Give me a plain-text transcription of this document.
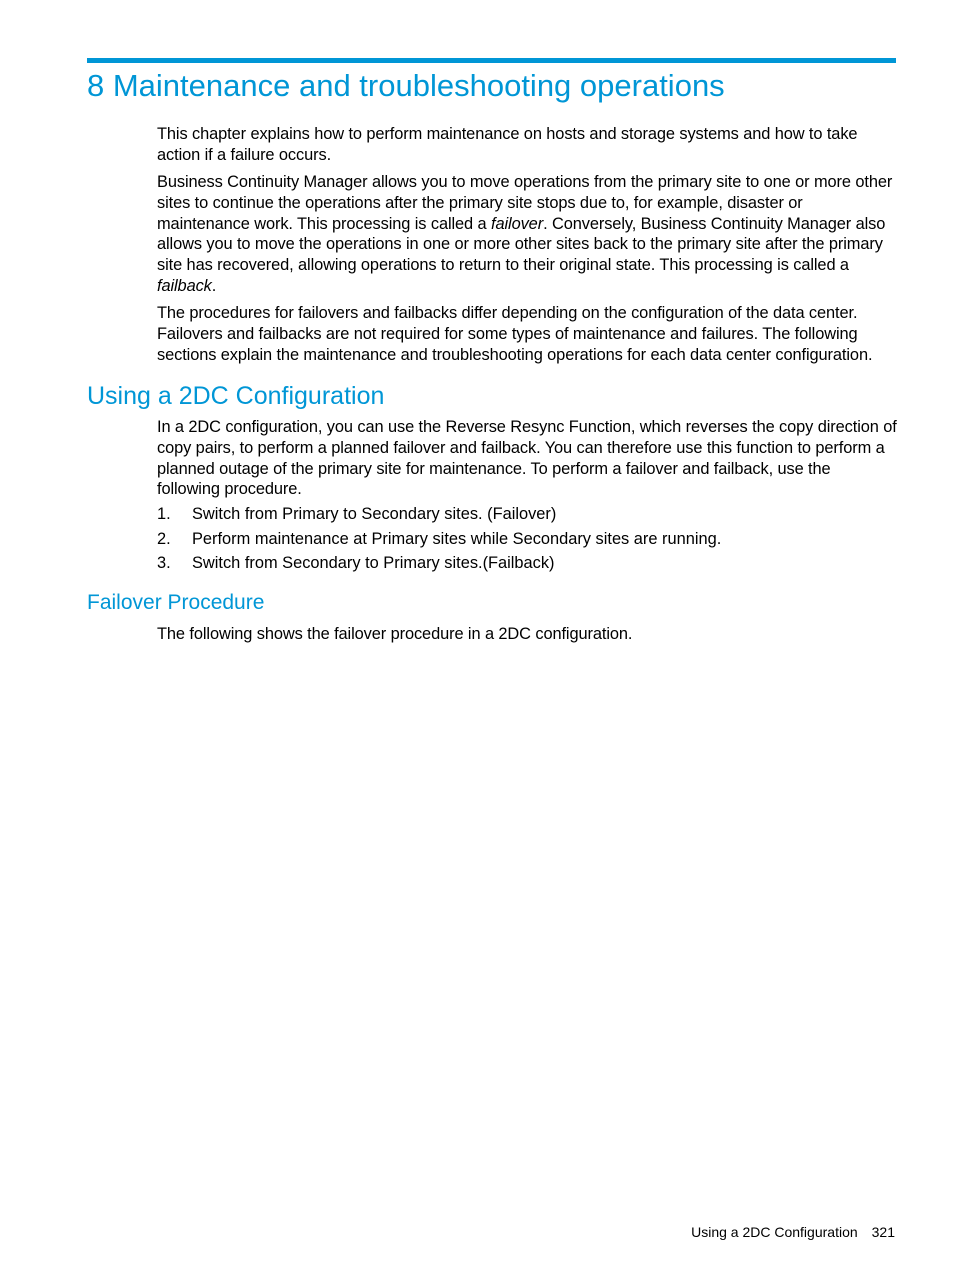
8 Maintenance and troubleshooting operations

This chapter explains how to perform maintenance on hosts and storage systems and how to take action if a failure occurs.

Business Continuity Manager allows you to move operations from the primary site to one or more other sites to continue the operations after the primary site stops due to, for example, disaster or maintenance work. This processing is called a failover. Conversely, Business Continuity Manager also allows you to move the operations in one or more other sites back to the primary site after the primary site has recovered, allowing operations to return to their original state. This processing is called a failback.

The procedures for failovers and failbacks differ depending on the configuration of the data center. Failovers and failbacks are not required for some types of maintenance and failures. The following sections explain the maintenance and troubleshooting operations for each data center configuration.

Using a 2DC Configuration

In a 2DC configuration, you can use the Reverse Resync Function, which reverses the copy direction of copy pairs, to perform a planned failover and failback. You can therefore use this function to perform a planned outage of the primary site for maintenance. To perform a failover and failback, use the following procedure.

1. Switch from Primary to Secondary sites. (Failover)
2. Perform maintenance at Primary sites while Secondary sites are running.
3. Switch from Secondary to Primary sites.(Failback)
Failover Procedure

The following shows the failover procedure in a 2DC configuration.

Using a 2DC Configuration 321
